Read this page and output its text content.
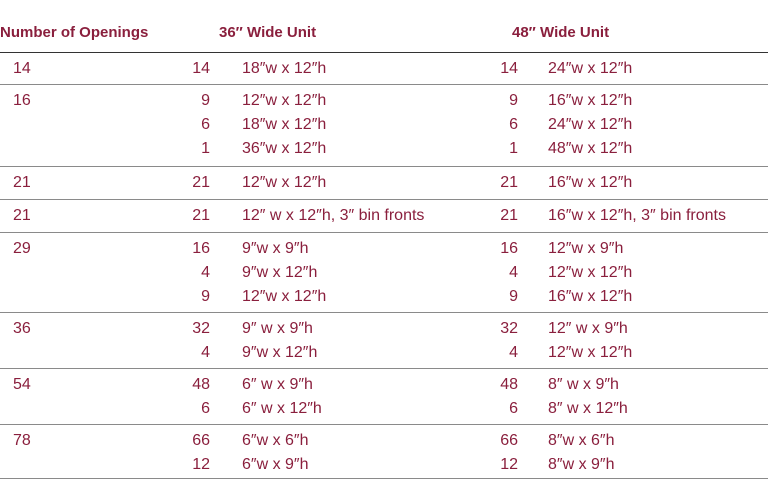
Number of Openings	36″ Wide Unit	48″ Wide Unit
14	14 18″w x 12″h	14 24″w x 12″h
16	9 12″w x 12″h	9 16″w x 12″h
6 18″w x 12″h	6 24″w x 12″h
1 36″w x 12″h	1 48″w x 12″h
21	21 12″w x 12″h	21 16″w x 12″h
21	21 12″ w x 12″h, 3″ bin fronts	21 16″w x 12″h, 3″ bin fronts
29	16 9″w x 9″h	16 12″w x 9″h
4 9″w x 12″h	4 12″w x 12″h
9 12″w x 12″h	9 16″w x 12″h
36	32 9″ w x 9″h	32 12″ w x 9″h
4 9″w x 12″h	4 12″w x 12″h
54	48 6″ w x 9″h	48 8″ w x 9″h
6 6″ w x 12″h	6 8″ w x 12″h
78	66 6″w x 6″h	66 8″w x 6″h
12 6″w x 9″h	12 8″w x 9″h
